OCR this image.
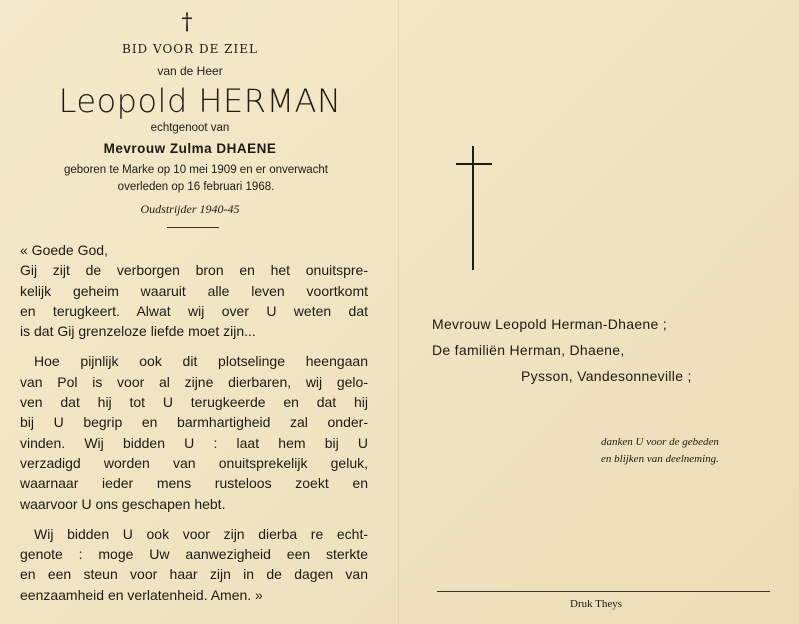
†
BID VOOR DE ZIEL
van de Heer
Leopold HERMAN
echtgenoot van
Mevrouw Zulma DHAENE
geboren te Marke op 10 mei 1909 en er onverwacht
overleden op 16 februari 1968.
Oudstrijder 1940-45
« Goede God,
Gij zijt de verborgen bron en het onuitspre-
kelijk geheim waaruit alle leven voortkomt
en terugkeert. Alwat wij over U weten dat
is dat Gij grenzeloze liefde moet zijn...
Hoe pijnlijk ook dit plotselinge heengaan
van Pol is voor al zijne dierbaren, wij gelo-
ven dat hij tot U terugkeerde en dat hij
bij U begrip en barmhartigheid zal onder-
vinden. Wij bidden U : laat hem bij U
verzadigd worden van onuitsprekelijk geluk,
waarnaar ieder mens rusteloos zoekt en
waarvoor U ons geschapen hebt.
Wij bidden U ook voor zijn dierba re echt-
genote : moge Uw aanwezigheid een sterkte
en een steun voor haar zijn in de dagen van
eenzaamheid en verlatenheid. Amen. »
Mevrouw Leopold Herman-Dhaene ;
De familiën Herman, Dhaene,
Pysson, Vandesonneville ;
danken U voor de gebeden
en blijken van deelneming.
Druk Theys
